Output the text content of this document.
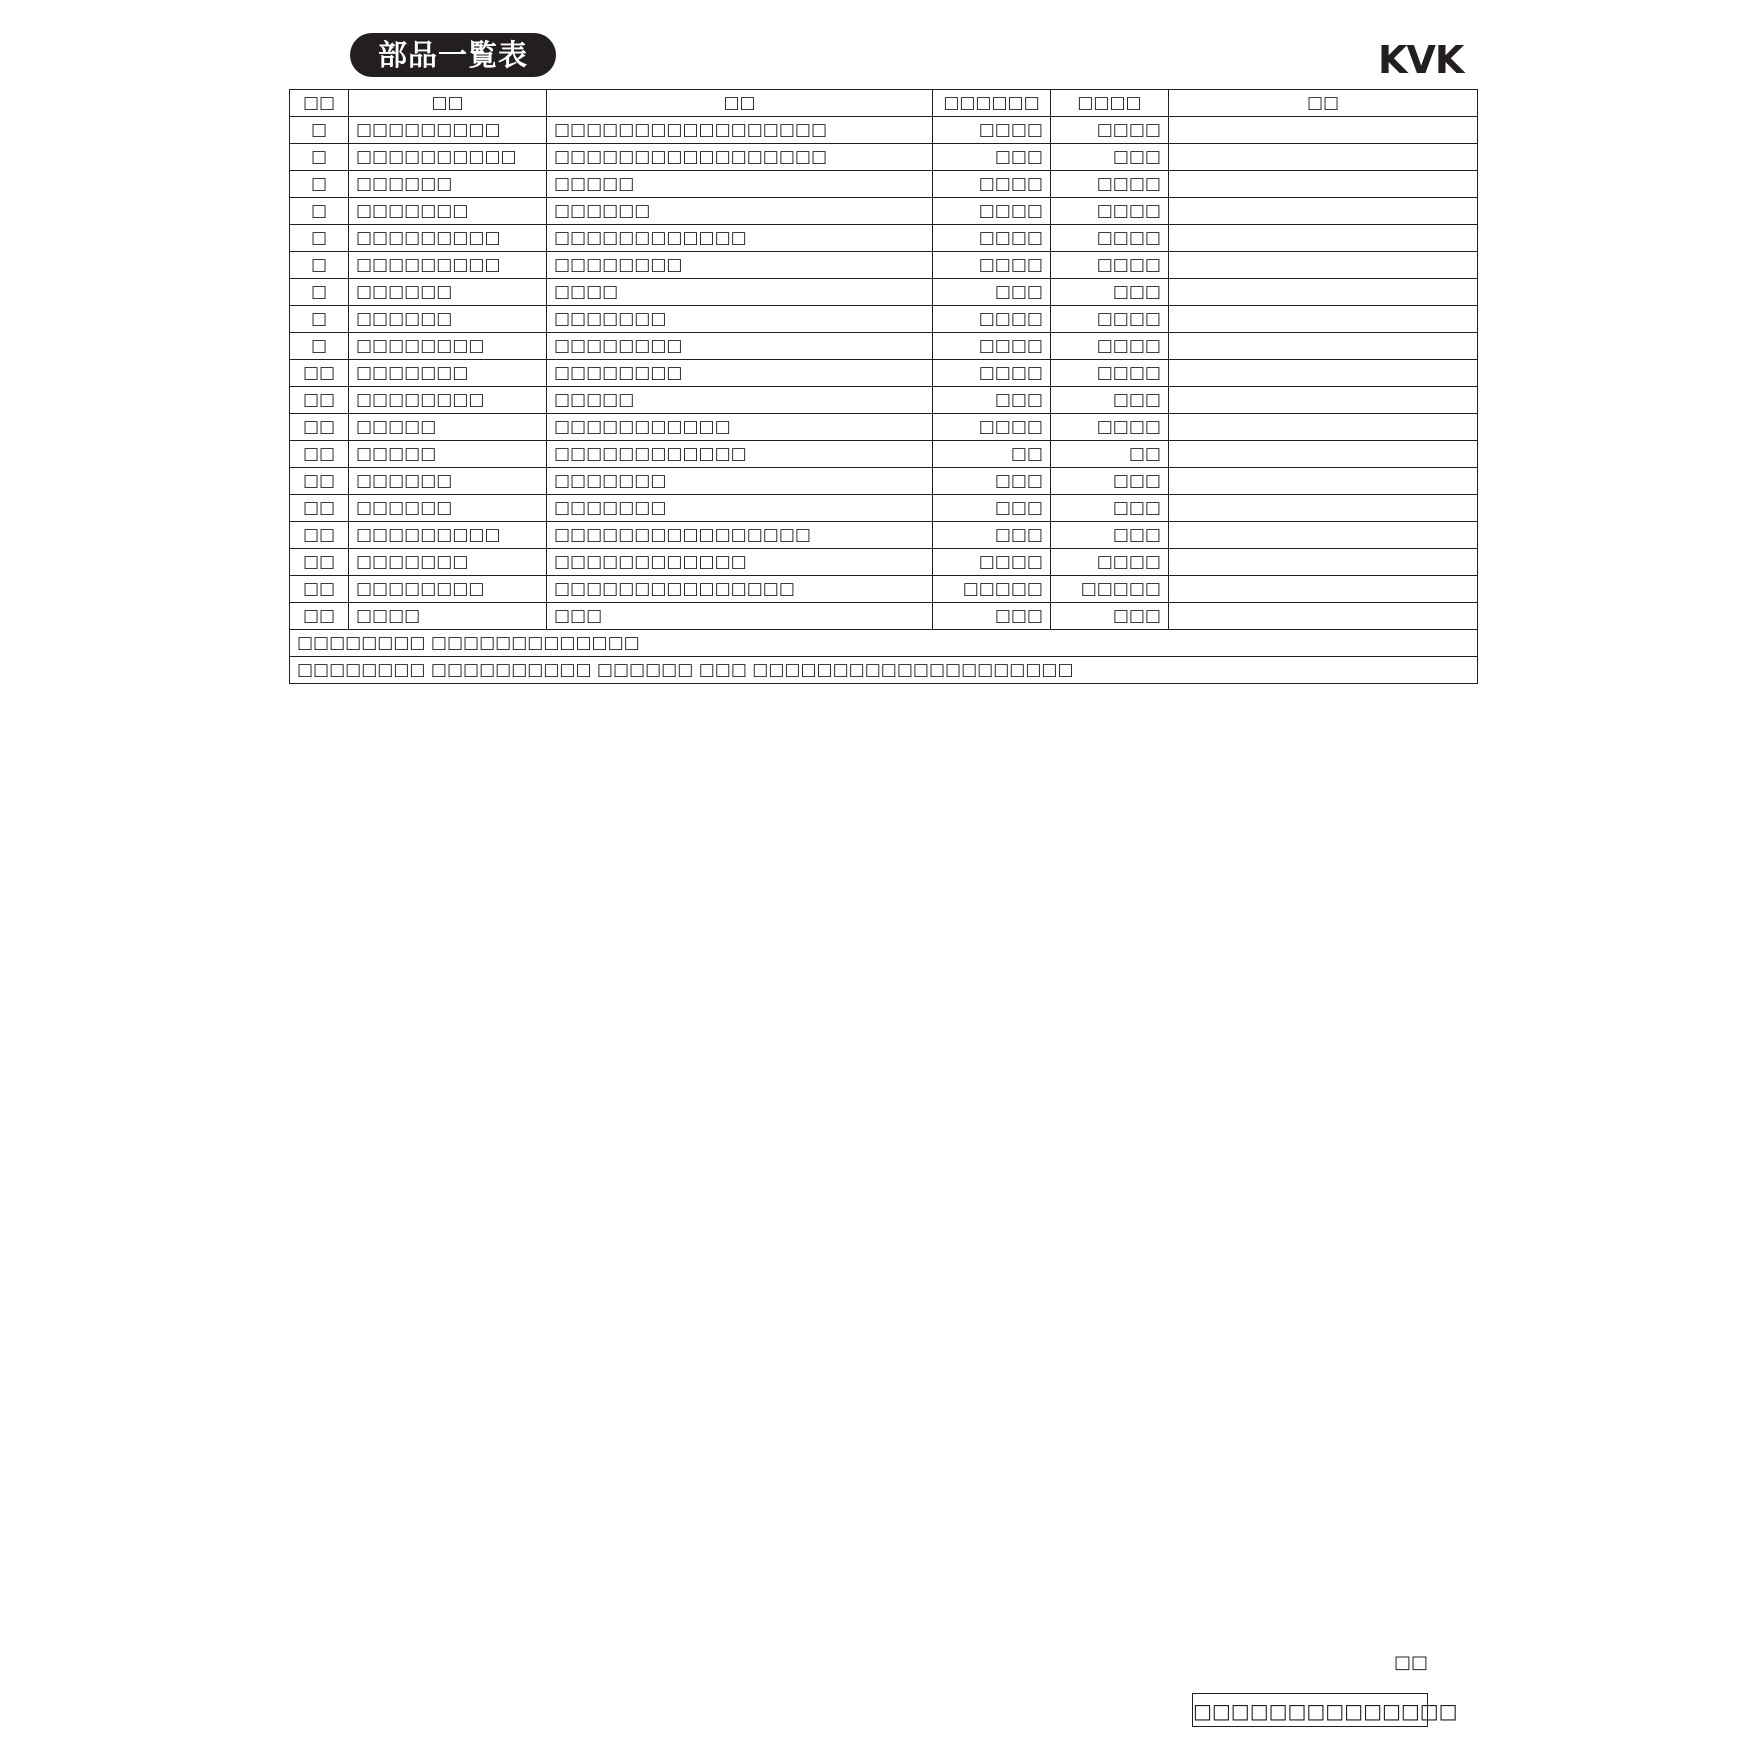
部品一覧表	KVK
□□	□□	□□	□□□□□□	□□□□	□□
□	□□□□□□□□□	□□□□□□□□□□□□□□□□□	□□□□	□□□□	
□	□□□□□□□□□□	□□□□□□□□□□□□□□□□□	□□□	□□□	
□	□□□□□□	□□□□□	□□□□	□□□□	
□	□□□□□□□	□□□□□□	□□□□	□□□□	
□	□□□□□□□□□	□□□□□□□□□□□□	□□□□	□□□□	
□	□□□□□□□□□	□□□□□□□□	□□□□	□□□□	
□	□□□□□□	□□□□	□□□	□□□	
□	□□□□□□	□□□□□□□	□□□□	□□□□	
□	□□□□□□□□	□□□□□□□□	□□□□	□□□□	
□□	□□□□□□□	□□□□□□□□	□□□□	□□□□	
□□	□□□□□□□□	□□□□□	□□□	□□□	
□□	□□□□□	□□□□□□□□□□□	□□□□	□□□□	
□□	□□□□□	□□□□□□□□□□□□	□□	□□	
□□	□□□□□□	□□□□□□□	□□□	□□□	
□□	□□□□□□	□□□□□□□	□□□	□□□	
□□	□□□□□□□□□	□□□□□□□□□□□□□□□□	□□□	□□□	
□□	□□□□□□□	□□□□□□□□□□□□	□□□□	□□□□	
□□	□□□□□□□□	□□□□□□□□□□□□□□□	□□□□□	□□□□□	
□□	□□□□	□□□	□□□	□□□	
□□□□□□□□ □□□□□□□□□□□□□					
□□□□□□□□ □□□□□□□□□□ □□□□□□ □□□ □□□□□□□□□□□□□□□□□□□□					
□□
□□□□□□□□□□□□□□
